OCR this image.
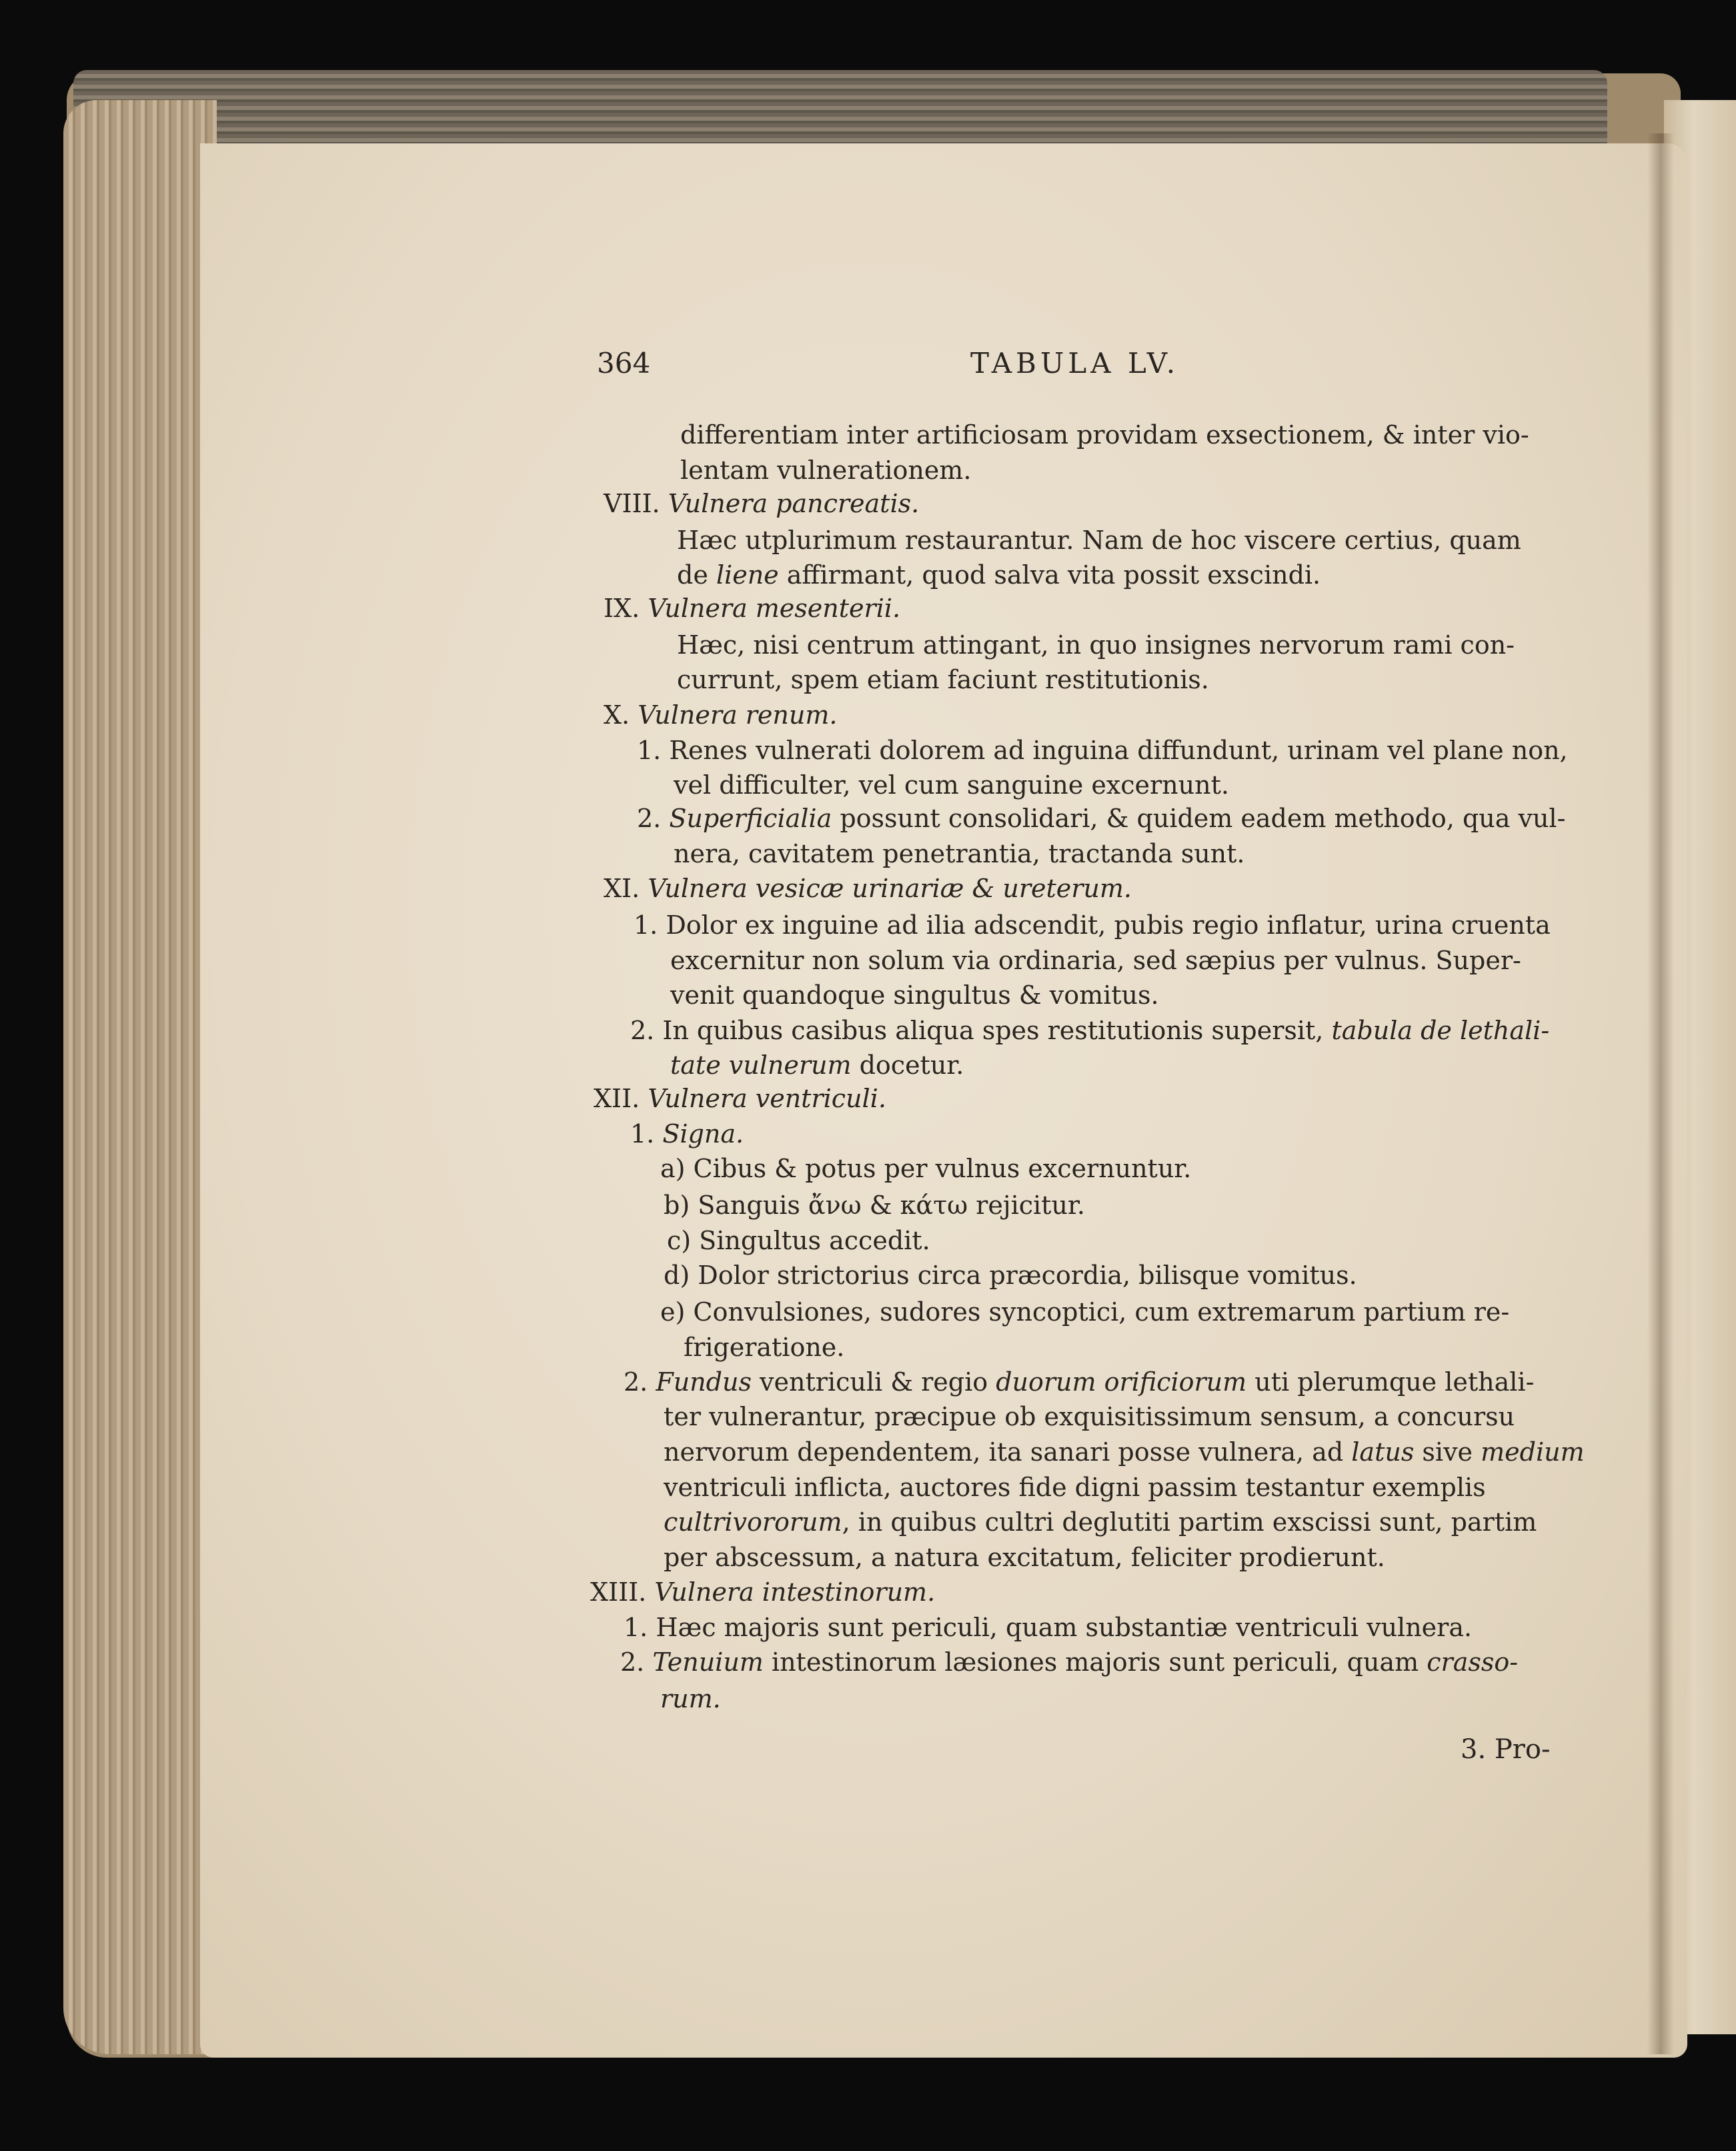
364	TABULA LV.
differentiam inter artificiosam providam exsectionem, & inter vio-
lentam vulnerationem.
VIII. Vulnera pancreatis.
Hæc utplurimum restaurantur. Nam de hoc viscere certius, quam
de liene affirmant, quod salva vita possit exscindi.
IX. Vulnera mesenterii.
Hæc, nisi centrum attingant, in quo insignes nervorum rami con-
currunt, spem etiam faciunt restitutionis.
X. Vulnera renum.
1. Renes vulnerati dolorem ad inguina diffundunt, urinam vel plane non,
vel difficulter, vel cum sanguine excernunt.
2. Superficialia possunt consolidari, & quidem eadem methodo, qua vul-
nera, cavitatem penetrantia, tractanda sunt.
XI. Vulnera vesicæ urinariæ & ureterum.
1. Dolor ex inguine ad ilia adscendit, pubis regio inflatur, urina cruenta
excernitur non solum via ordinaria, sed sæpius per vulnus. Super-
venit quandoque singultus & vomitus.
2. In quibus casibus aliqua spes restitutionis supersit, tabula de lethali-
tate vulnerum docetur.
XII. Vulnera ventriculi.
1. Signa.
a) Cibus & potus per vulnus excernuntur.
b) Sanguis ἄνω & κάτω rejicitur.
c) Singultus accedit.
d) Dolor strictorius circa præcordia, bilisque vomitus.
e) Convulsiones, sudores syncoptici, cum extremarum partium re-
frigeratione.
2. Fundus ventriculi & regio duorum orificiorum uti plerumque lethali-
ter vulnerantur, præcipue ob exquisitissimum sensum, a concursu
nervorum dependentem, ita sanari posse vulnera, ad latus sive medium
ventriculi inflicta, auctores fide digni passim testantur exemplis
cultrivororum, in quibus cultri deglutiti partim exscissi sunt, partim
per abscessum, a natura excitatum, feliciter prodierunt.
XIII. Vulnera intestinorum.
1. Hæc majoris sunt periculi, quam substantiæ ventriculi vulnera.
2. Tenuium intestinorum læsiones majoris sunt periculi, quam crasso-
rum.
3. Pro-
